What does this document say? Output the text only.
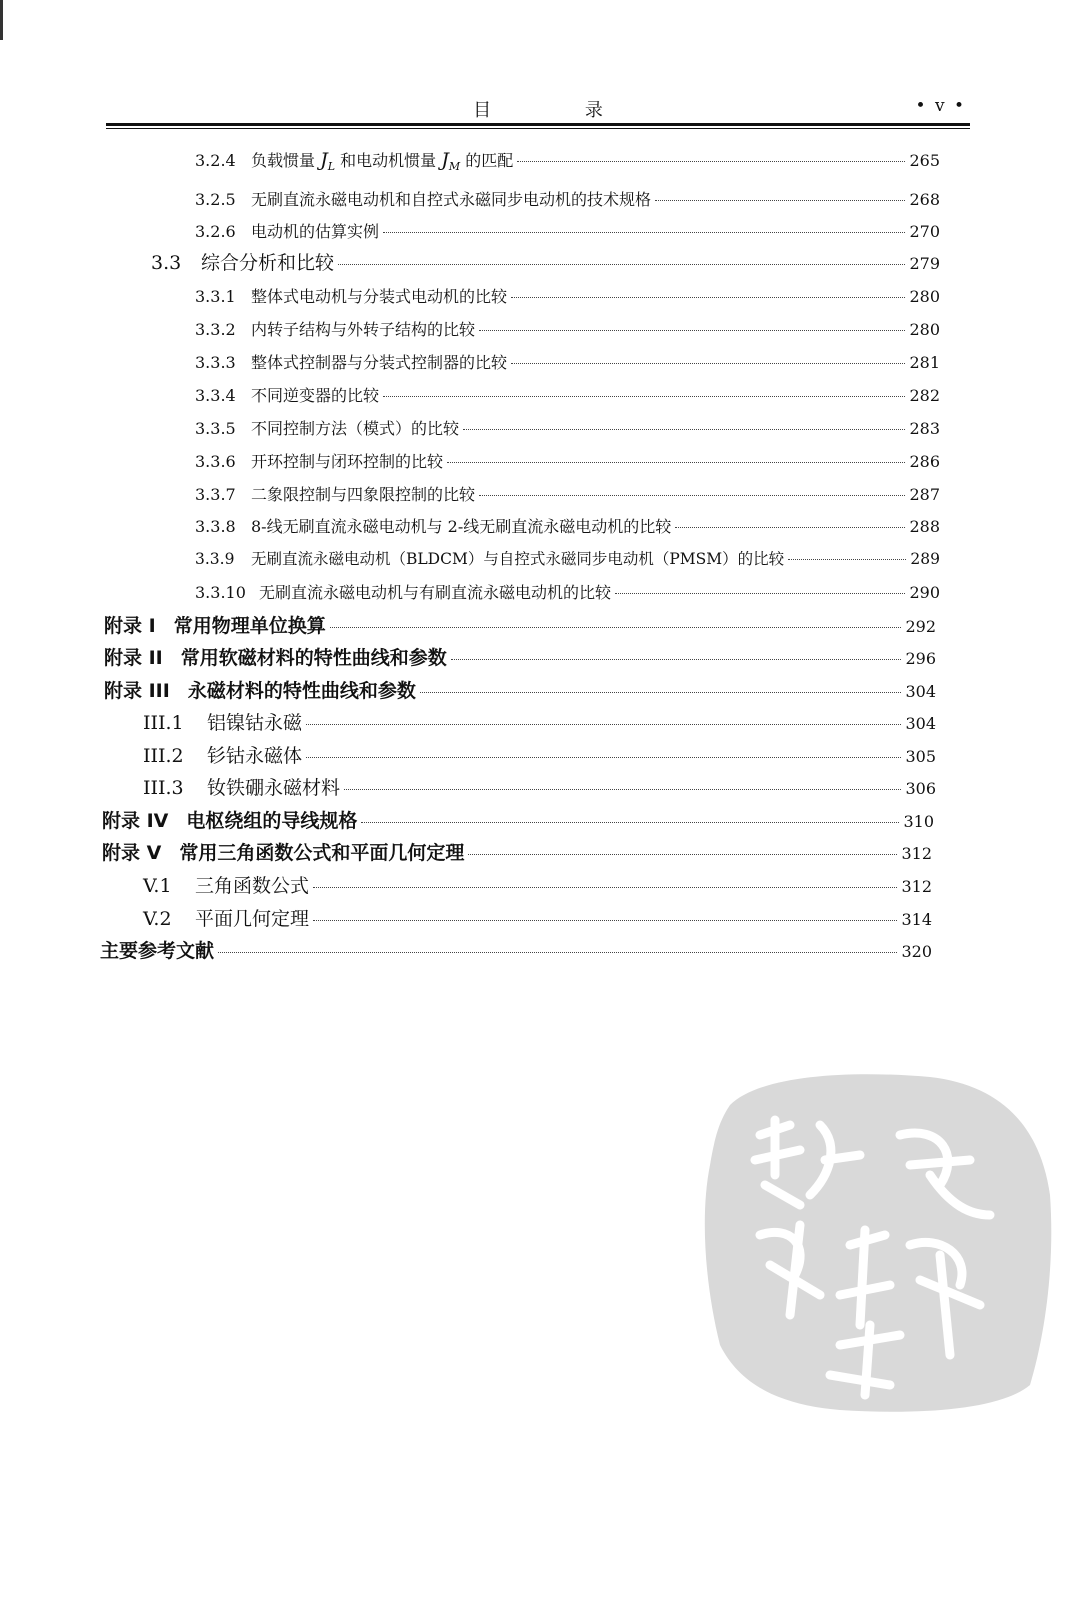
目 录	• v •
3.2.4 负载惯量 $J_L$ 和电动机惯量 $J_M$ 的匹配	265
3.2.5 无刷直流永磁电动机和自控式永磁同步电动机的技术规格	268
3.2.6 电动机的估算实例	270
3.3	综合分析和比较	279
3.3.1 整体式电动机与分装式电动机的比较	280
3.3.2 内转子结构与外转子结构的比较	280
3.3.3 整体式控制器与分装式控制器的比较	281
3.3.4 不同逆变器的比较	282
3.3.5 不同控制方法（模式）的比较	283
3.3.6 开环控制与闭环控制的比较	286
3.3.7 二象限控制与四象限控制的比较	287
3.3.8 8-线无刷直流永磁电动机与 2-线无刷直流永磁电动机的比较	288
3.3.9	无刷直流永磁电动机（BLDCM）与自控式永磁同步电动机（PMSM）的比较	289
3.3.10 无刷直流永磁电动机与有刷直流永磁电动机的比较	290
附录 I 常用物理单位换算	292
附录 II 常用软磁材料的特性曲线和参数	296
附录 III 永磁材料的特性曲线和参数	304
III.1	铝镍钴永磁	304
III.2	钐钴永磁体	305
III.3	钕铁硼永磁材料	306
附录 IV 电枢绕组的导线规格	310
附录 V 常用三角函数公式和平面几何定理	312
V.1	三角函数公式	312
V.2	平面几何定理	314
主要参考文献	320
